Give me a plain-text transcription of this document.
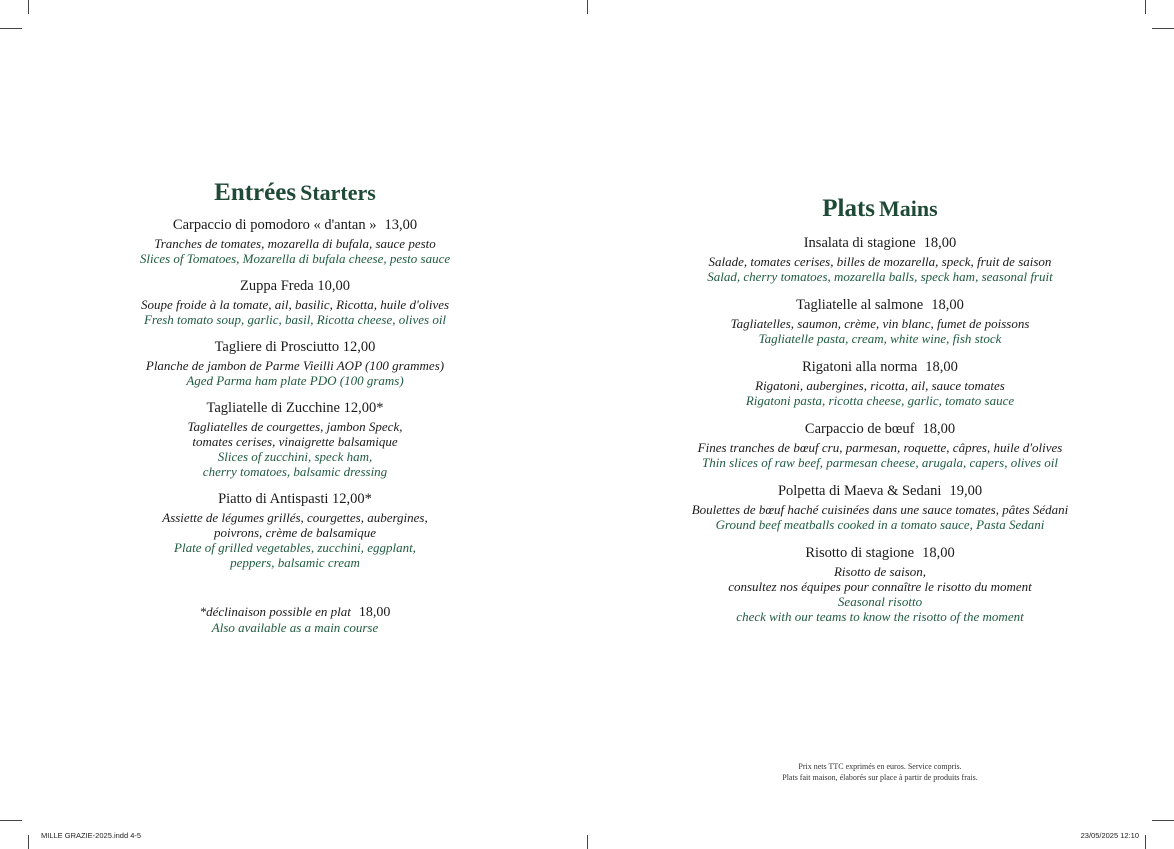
Entrées Starters
Carpaccio di pomodoro « d'antan » 13,00
Tranches de tomates, mozarella di bufala, sauce pesto
Slices of Tomatoes, Mozarella di bufala cheese, pesto sauce
Zuppa Freda 10,00
Soupe froide à la tomate, ail, basilic, Ricotta, huile d'olives
Fresh tomato soup, garlic, basil, Ricotta cheese, olives oil
Tagliere di Prosciutto 12,00
Planche de jambon de Parme Vieilli AOP (100 grammes)
Aged Parma ham plate PDO (100 grams)
Tagliatelle di Zucchine 12,00*
Tagliatelles de courgettes, jambon Speck,
tomates cerises, vinaigrette balsamique
Slices of zucchini, speck ham,
cherry tomatoes, balsamic dressing
Piatto di Antispasti 12,00*
Assiette de légumes grillés, courgettes, aubergines,
poivrons, crème de balsamique
Plate of grilled vegetables, zucchini, eggplant,
peppers, balsamic cream
*déclinaison possible en plat 18,00
Also available as a main course
Plats Mains
Insalata di stagione 18,00
Salade, tomates cerises, billes de mozarella, speck, fruit de saison
Salad, cherry tomatoes, mozarella balls, speck ham, seasonal fruit
Tagliatelle al salmone 18,00
Tagliatelles, saumon, crème, vin blanc, fumet de poissons
Tagliatelle pasta, cream, white wine, fish stock
Rigatoni alla norma 18,00
Rigatoni, aubergines, ricotta, ail, sauce tomates
Rigatoni pasta, ricotta cheese, garlic, tomato sauce
Carpaccio de bœuf 18,00
Fines tranches de bœuf cru, parmesan, roquette, câpres, huile d'olives
Thin slices of raw beef, parmesan cheese, arugala, capers, olives oil
Polpetta di Maeva & Sedani 19,00
Boulettes de bœuf haché cuisinées dans une sauce tomates, pâtes Sédani
Ground beef meatballs cooked in a tomato sauce, Pasta Sedani
Risotto di stagione 18,00
Risotto de saison,
consultez nos équipes pour connaître le risotto du moment
Seasonal risotto
check with our teams to know the risotto of the moment
Prix nets TTC exprimés en euros. Service compris.
Plats fait maison, élaborés sur place à partir de produits frais.
MILLE GRAZIE-2025.indd 4-5	23/05/2025 12:10
